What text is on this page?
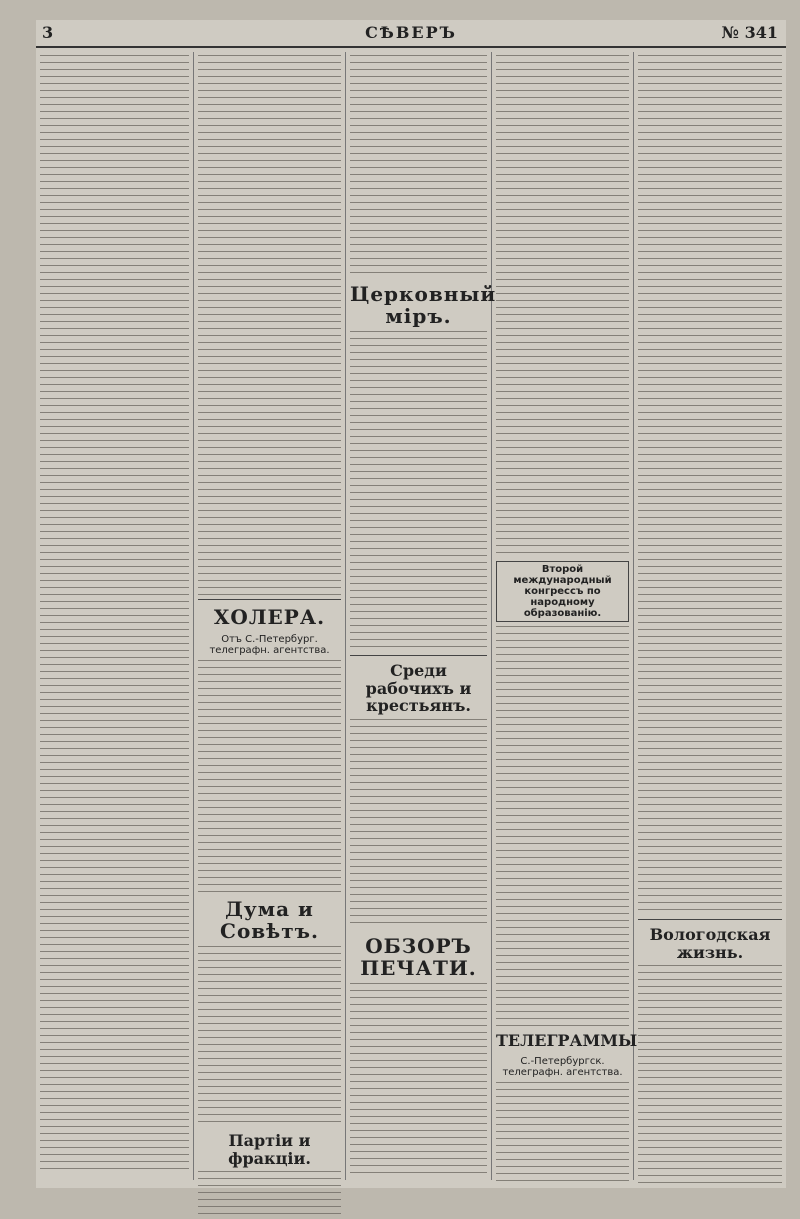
3	СѢВЕРЪ	№ 341
ХОЛЕРА.
Отъ С.-Петербург. телеграфн. агентства.
Дума и Совѣтъ.
Партіи и фракціи.
Церковный міръ.
Среди рабочихъ и крестьянъ.
ОБЗОРЪ ПЕЧАТИ.
Второй международный конгрессъ по народному образованію.
ТЕЛЕГРАММЫ
С.-Петербургск. телеграфн. агентства.
Вологодская жизнь.
